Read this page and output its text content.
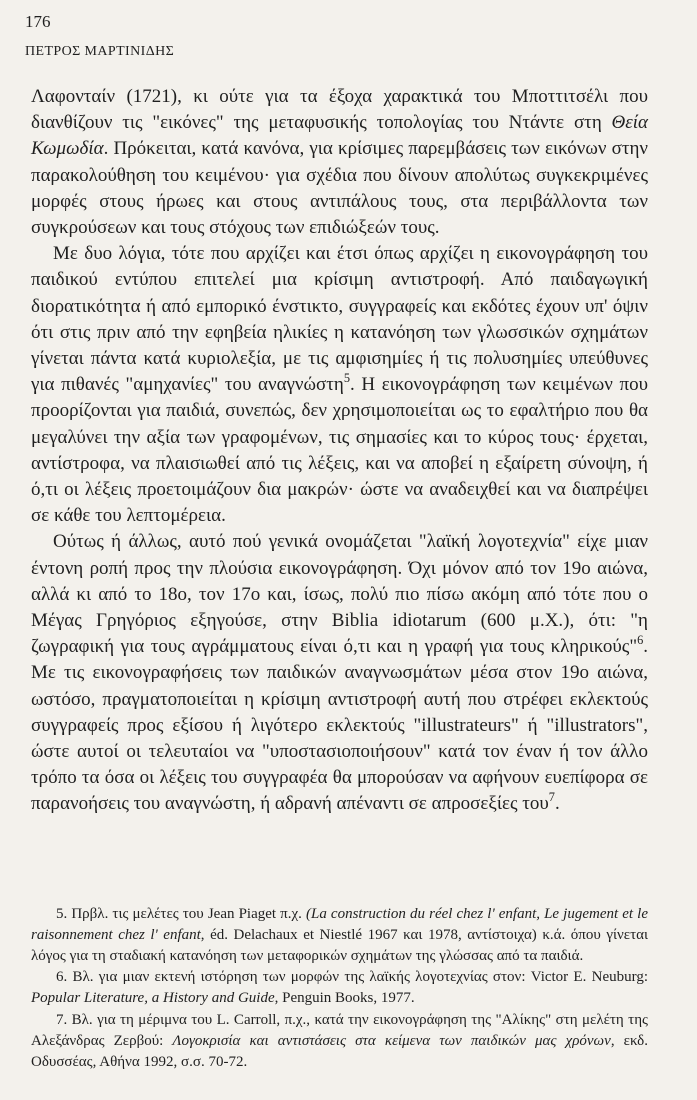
176
ΠΕΤΡΟΣ ΜΑΡΤΙΝΙΔΗΣ

Λαφονταίν (1721), κι ούτε για τα έξοχα χαρακτικά του Μποττιτσέλι που διανθίζουν τις "εικόνες" της μεταφυσικής τοπολογίας του Ντάντε στη Θεία Κωμωδία. Πρόκειται, κατά κανόνα, για κρίσιμες παρεμβάσεις των εικόνων στην παρακολούθηση του κειμένου· για σχέδια που δίνουν απολύτως συγκεκριμένες μορφές στους ήρωες και στους αντιπάλους τους, στα περιβάλλοντα των συγκρούσεων και τους στόχους των επιδιώξεών τους.

Με δυο λόγια, τότε που αρχίζει και έτσι όπως αρχίζει η εικονογράφηση του παιδικού εντύπου επιτελεί μια κρίσιμη αντιστροφή. Από παιδαγωγική διορατικότητα ή από εμπορικό ένστικτο, συγγραφείς και εκδότες έχουν υπ' όψιν ότι στις πριν από την εφηβεία ηλικίες η κατανόηση των γλωσσικών σχημάτων γίνεται πάντα κατά κυριολεξία, με τις αμφισημίες ή τις πολυσημίες υπεύθυνες για πιθανές "αμηχανίες" του αναγνώστη$^5$. Η εικονογράφηση των κειμένων που προορίζονται για παιδιά, συνεπώς, δεν χρησιμοποιείται ως το εφαλτήριο που θα μεγαλύνει την αξία των γραφομένων, τις σημασίες και το κύρος τους· έρχεται, αντίστροφα, να πλαισιωθεί από τις λέξεις, και να αποβεί η εξαίρετη σύνοψη, ή ό,τι οι λέξεις προετοιμάζουν δια μακρών· ώστε να αναδειχθεί και να διαπρέψει σε κάθε του λεπτομέρεια.

Ούτως ή άλλως, αυτό πού γενικά ονομάζεται "λαϊκή λογοτεχνία" είχε μιαν έντονη ροπή προς την πλούσια εικονογράφηση. Όχι μόνον από τον 19ο αιώνα, αλλά κι από το 18ο, τον 17ο και, ίσως, πολύ πιο πίσω ακόμη από τότε που ο Μέγας Γρηγόριος εξηγούσε, στην Biblia idiotarum (600 μ.Χ.), ότι: "η ζωγραφική για τους αγράμματους είναι ό,τι και η γραφή για τους κληρικούς"$^6$. Με τις εικονογραφήσεις των παιδικών αναγνωσμάτων μέσα στον 19ο αιώνα, ωστόσο, πραγματοποιείται η κρίσιμη αντιστροφή αυτή που στρέφει εκλεκτούς συγγραφείς προς εξίσου ή λιγότερο εκλεκτούς "illustrateurs" ή "illustrators", ώστε αυτοί οι τελευταίοι να "υποστασιοποιήσουν" κατά τον έναν ή τον άλλο τρόπο τα όσα οι λέξεις του συγγραφέα θα μπορούσαν να αφήνουν ευεπίφορα σε παρανοήσεις του αναγνώστη, ή αδρανή απέναντι σε απροσεξίες του$^7$.

5. Πρβλ. τις μελέτες του Jean Piaget π.χ. (La construction du réel chez l' enfant, Le jugement et le raisonnement chez l' enfant, éd. Delachaux et Niestlé 1967 και 1978, αντίστοιχα) κ.ά. όπου γίνεται λόγος για τη σταδιακή κατανόηση των μεταφορικών σχημάτων της γλώσσας από τα παιδιά.

6. Βλ. για μιαν εκτενή ιστόρηση των μορφών της λαϊκής λογοτεχνίας στον: Victor E. Neuburg: Popular Literature, a History and Guide, Penguin Books, 1977.

7. Βλ. για τη μέριμνα του L. Carroll, π.χ., κατά την εικονογράφηση της "Αλίκης" στη μελέτη της Αλεξάνδρας Ζερβού: Λογοκρισία και αντιστάσεις στα κείμενα των παιδικών μας χρόνων, εκδ. Οδυσσέας, Αθήνα 1992, σ.σ. 70-72.
